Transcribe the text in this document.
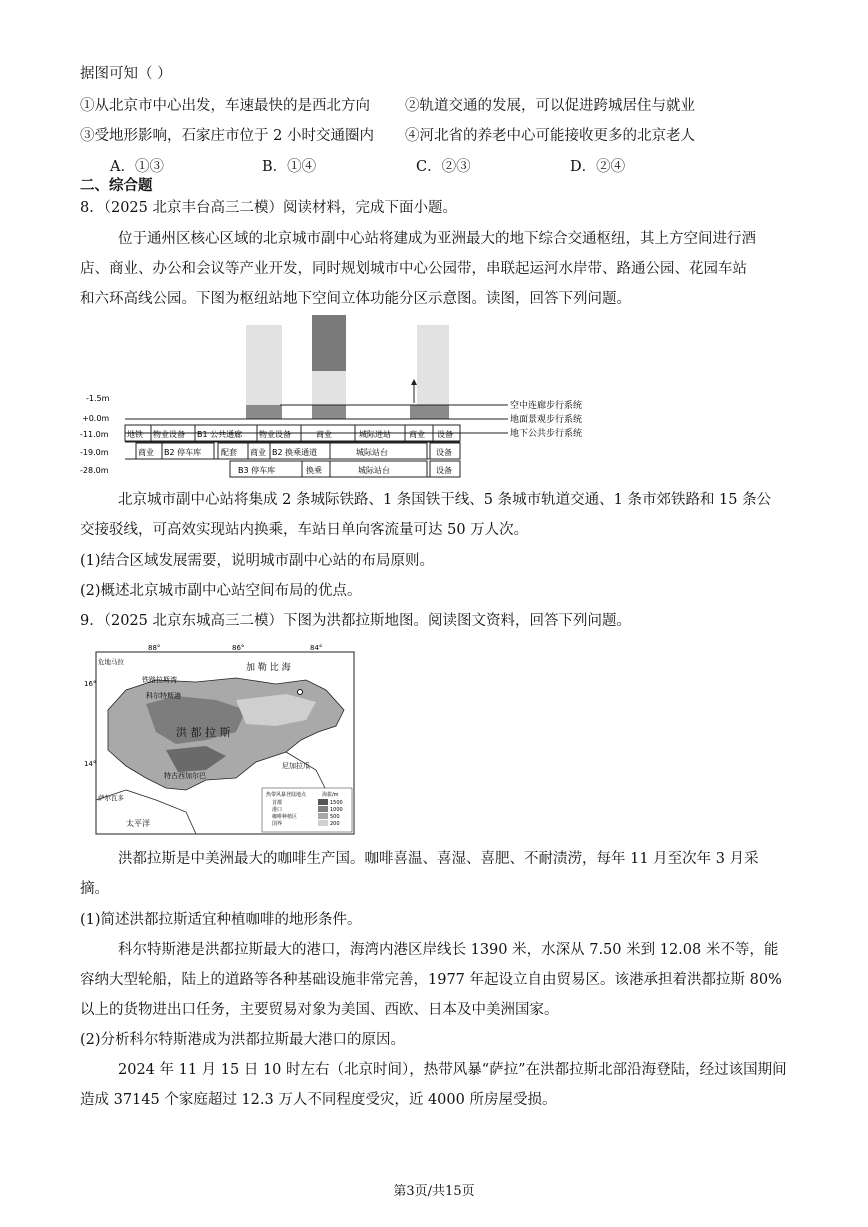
据图可知（ ）
①从北京市中心出发，车速最快的是西北方向 ②轨道交通的发展，可以促进跨城居住与就业
③受地形影响，石家庄市位于 2 小时交通圈内 ④河北省的养老中心可能接收更多的北京老人
A．①③	B．①④	C．②③	D．②④
二、综合题
8．（2025 北京丰台高三二模）阅读材料，完成下面小题。
位于通州区核心区域的北京城市副中心站将建成为亚洲最大的地下综合交通枢纽，其上方空间进行酒
店、商业、办公和会议等产业开发，同时规划城市中心公园带，串联起运河水岸带、路通公园、花园车站
和六环高线公园。下图为枢纽站地下空间立体功能分区示意图。读图，回答下列问题。
-1.5m
+0.0m
-11.0m
-19.0m
-28.0m
空中连廊步行系统
地面景观步行系统
地下公共步行系统
地铁 物业设备 B1 公共通廊 物业设备	商业	城际进站 商业 设备
商业 B2 停车库 配套 商业 B2 换乘通道	城际站台	设备
B3 停车库	换乘	城际站台	设备
北京城市副中心站将集成 2 条城际铁路、1 条国铁干线、5 条城市轨道交通、1 条市郊铁路和 15 条公
交接驳线，可高效实现站内换乘，车站日单向客流量可达 50 万人次。
(1)结合区域发展需要，说明城市副中心站的布局原则。
(2)概述北京城市副中心站空间布局的优点。
9．（2025 北京东城高三二模）下图为洪都拉斯地图。阅读图文资料，回答下列问题。
88°	86°	84°
16°
14°
加 勒 比 海
洪 都 拉 斯
铁路拉斯湾
科尔特斯港
特古西加尔巴
危地马拉
萨尔瓦多
尼加拉瓜
太平洋
热带风暴登陆地点
首都
港口
咖啡种植区
国界
海拔/m
1500
1000
500
200
洪都拉斯是中美洲最大的咖啡生产国。咖啡喜温、喜湿、喜肥、不耐渍涝，每年 11 月至次年 3 月采
摘。
(1)简述洪都拉斯适宜种植咖啡的地形条件。
科尔特斯港是洪都拉斯最大的港口，海湾内港区岸线长 1390 米，水深从 7.50 米到 12.08 米不等，能
容纳大型轮船，陆上的道路等各种基础设施非常完善，1977 年起设立自由贸易区。该港承担着洪都拉斯 80%
以上的货物进出口任务，主要贸易对象为美国、西欧、日本及中美洲国家。
(2)分析科尔特斯港成为洪都拉斯最大港口的原因。
2024 年 11 月 15 日 10 时左右（北京时间），热带风暴“萨拉”在洪都拉斯北部沿海登陆，经过该国期间
造成 37145 个家庭超过 12.3 万人不同程度受灾，近 4000 所房屋受损。
第3页/共15页
